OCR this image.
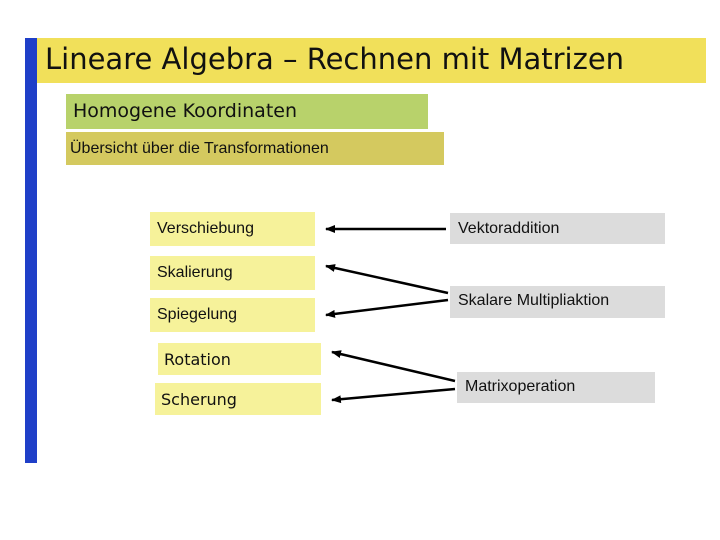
Lineare Algebra – Rechnen mit Matrizen
Homogene Koordinaten
Übersicht über die Transformationen
Verschiebung
Skalierung
Spiegelung
Rotation
Scherung
Vektoraddition
Skalare Multipliaktion
Matrixoperation
